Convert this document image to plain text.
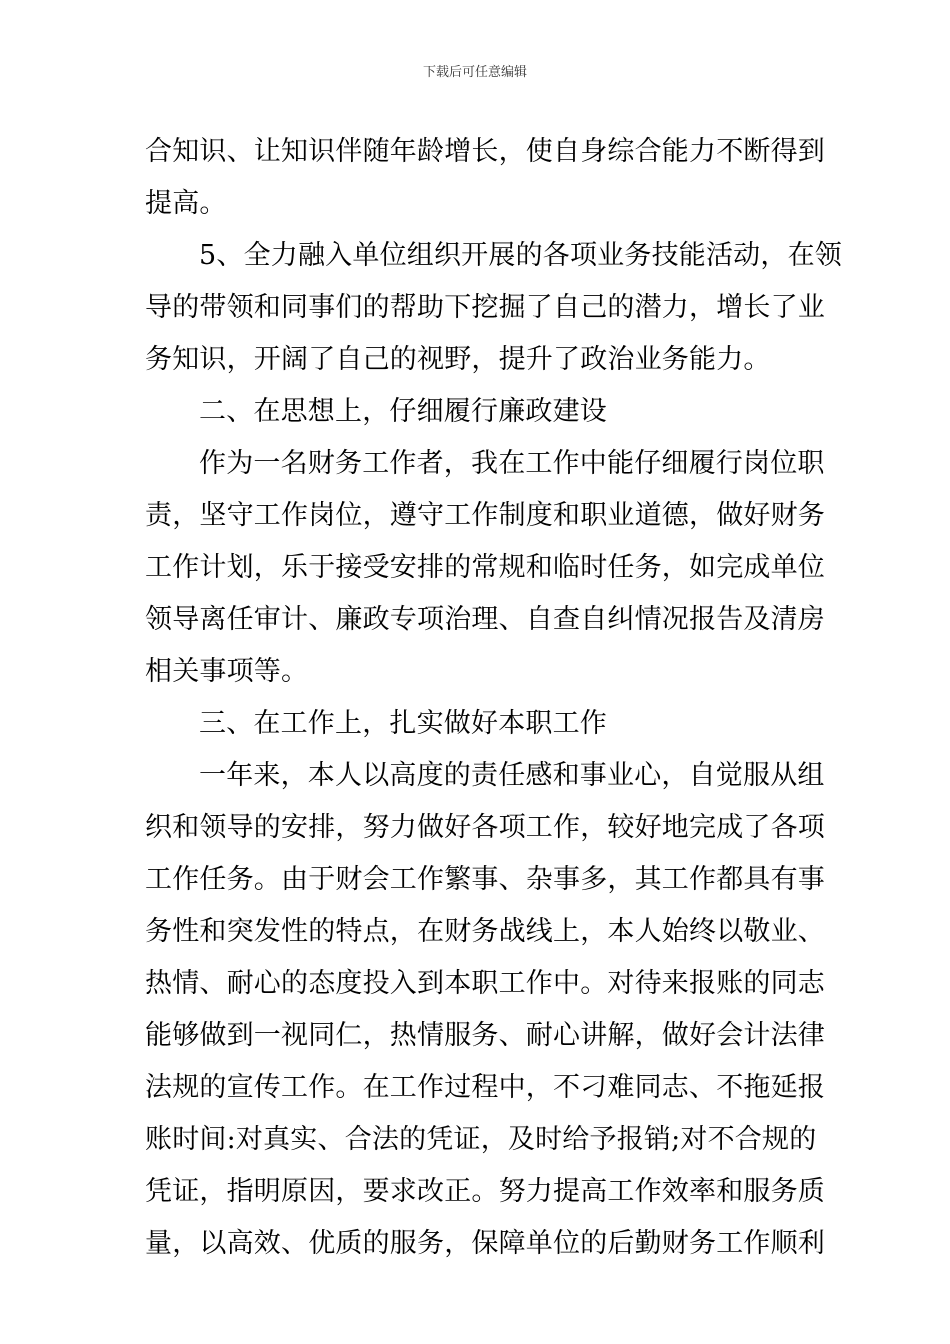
下载后可任意编辑
合知识、让知识伴随年龄增长，使自身综合能力不断得到
提高。
5、全力融入单位组织开展的各项业务技能活动，在领
导的带领和同事们的帮助下挖掘了自己的潜力，增长了业
务知识，开阔了自己的视野，提升了政治业务能力。
二、在思想上，仔细履行廉政建设
作为一名财务工作者，我在工作中能仔细履行岗位职
责，坚守工作岗位，遵守工作制度和职业道德，做好财务
工作计划，乐于接受安排的常规和临时任务，如完成单位
领导离任审计、廉政专项治理、自查自纠情况报告及清房
相关事项等。
三、在工作上，扎实做好本职工作
一年来，本人以高度的责任感和事业心，自觉服从组
织和领导的安排，努力做好各项工作，较好地完成了各项
工作任务。由于财会工作繁事、杂事多，其工作都具有事
务性和突发性的特点，在财务战线上，本人始终以敬业、
热情、耐心的态度投入到本职工作中。对待来报账的同志
能够做到一视同仁，热情服务、耐心讲解，做好会计法律
法规的宣传工作。在工作过程中，不刁难同志、不拖延报
账时间:对真实、合法的凭证，及时给予报销;对不合规的
凭证，指明原因，要求改正。努力提高工作效率和服务质
量，以高效、优质的服务，保障单位的后勤财务工作顺利
